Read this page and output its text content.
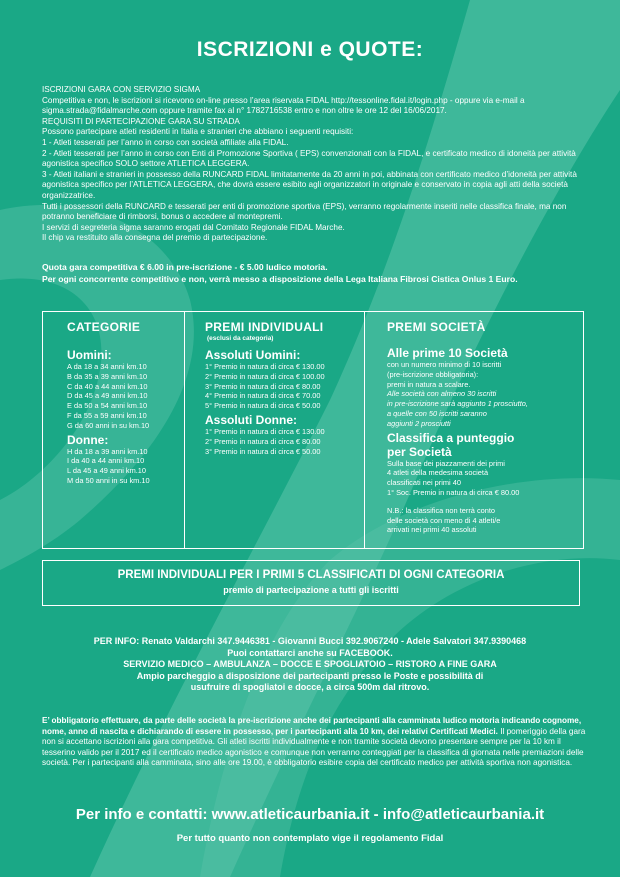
ISCRIZIONI e QUOTE:

ISCRIZIONI GARA CON SERVIZIO SIGMA

Competitiva e non, le iscrizioni si ricevono on-line presso l’area riservata FIDAL http://tessonline.fidal.it/login.php - oppure via e-mail a sigma.strada@fidalmarche.com oppure tramite fax al n° 1782716538 entro e non oltre le ore 12 del 16/06/2017.

REQUISITI DI PARTECIPAZIONE GARA SU STRADA

Possono partecipare atleti residenti in Italia e stranieri che abbiano i seguenti requisiti:

1 - Atleti tesserati per l’anno in corso con società affiliate alla FIDAL.

2 - Atleti tesserati per l’anno in corso con Enti di Promozione Sportiva ( EPS) convenzionati con la FIDAL, e certificato medico di idoneità per attività agonistica specifico SOLO settore ATLETICA LEGGERA.

3 - Atleti italiani e stranieri in possesso della RUNCARD FIDAL limitatamente da 20 anni in poi, abbinata con certificato medico d’idoneità per attività agonistica specifico per l’ATLETICA LEGGERA, che dovrà essere esibito agli organizzatori in originale e conservato in copia agli atti della società organizzatrice.

Tutti i possessori della RUNCARD e tesserati per enti di promozione sportiva (EPS), verranno regolarmente inseriti nelle classifica finale, ma non potranno beneficiare di rimborsi, bonus o accedere al montepremi.

I servizi di segreteria sigma saranno erogati dal Comitato Regionale FIDAL Marche.

Il chip va restituito alla consegna del premio di partecipazione.

Quota gara competitiva € 6.00 in pre-iscrizione - € 5.00 ludico motoria.

Per ogni concorrente competitivo e non, verrà messo a disposizione della Lega Italiana Fibrosi Cistica Onlus 1 Euro.

CATEGORIE

Uomini:

A da 18 a 34 anni km.10

B da 35 a 39 anni km.10

C da 40 a 44 anni km.10

D da 45 a 49 anni km.10

E da 50 a 54 anni km.10

F da 55 a 59 anni km.10

G da 60 anni in su km.10

Donne:

H da 18 a 39 anni km.10

I da 40 a 44 anni km.10

L da 45 a 49 anni km.10

M da 50 anni in su km.10

PREMI INDIVIDUALI

(esclusi da categoria)

Assoluti Uomini:

1° Premio in natura di circa € 130.00

2° Premio in natura di circa € 100.00

3° Premio in natura di circa € 80.00

4° Premio in natura di circa € 70.00

5° Premio in natura di circa € 50.00

Assoluti Donne:

1° Premio in natura di circa € 130.00

2° Premio in natura di circa € 80.00

3° Premio in natura di circa € 50.00

PREMI SOCIETÀ

Alle prime 10 Società

con un numero minimo di 10 iscritti

(pre-iscrizione obbligatoria):

premi in natura a scalare.

Alle società con almeno 30 iscritti

in pre-iscrizione sarà aggiunto 1 prosciutto,

a quelle con 50 iscritti saranno

aggiunti 2 prosciutti

Classifica a punteggio

per Società

Sulla base dei piazzamenti dei primi

4 atleti della medesima società

classificati nei primi 40

1° Soc. Premio in natura di circa € 80.00

N.B.: la classifica non terrà conto

delle società con meno di 4 atleti/e

arrivati nei primi 40 assoluti

PREMI INDIVIDUALI PER I PRIMI 5 CLASSIFICATI DI OGNI CATEGORIA
premio di partecipazione a tutti gli iscritti

PER INFO: Renato Valdarchi 347.9446381 - Giovanni Bucci 392.9067240 - Adele Salvatori 347.9390468

Puoi contattarci anche su FACEBOOK.

SERVIZIO MEDICO – AMBULANZA – DOCCE E SPOGLIATOIO – RISTORO A FINE GARA

Ampio parcheggio a disposizione dei partecipanti presso le Poste e possibilità di

usufruire di spogliatoi e docce, a circa 500m dal ritrovo.

E’ obbligatorio effettuare, da parte delle società la pre-iscrizione anche dei partecipanti alla camminata ludico motoria indicando cognome, nome, anno di nascita e dichiarando di essere in possesso, per i partecipanti alla 10 km, dei relativi Certificati Medici. Il pomeriggio della gara non si accettano iscrizioni alla gara competitiva. Gli atleti iscritti individualmente e non tramite società devono presentare sempre per la 10 km il tesserino valido per il 2017 ed il certificato medico agonistico e comunque non verranno conteggiati per la classifica di giornata nelle premiazioni delle società. Per i partecipanti alla camminata, sino alle ore 19.00, è obbligatorio esibire copia del certificato medico per attività sportiva non agonistica.
Per info e contatti: www.atleticaurbania.it - info@atleticaurbania.it
Per tutto quanto non contemplato vige il regolamento Fidal
